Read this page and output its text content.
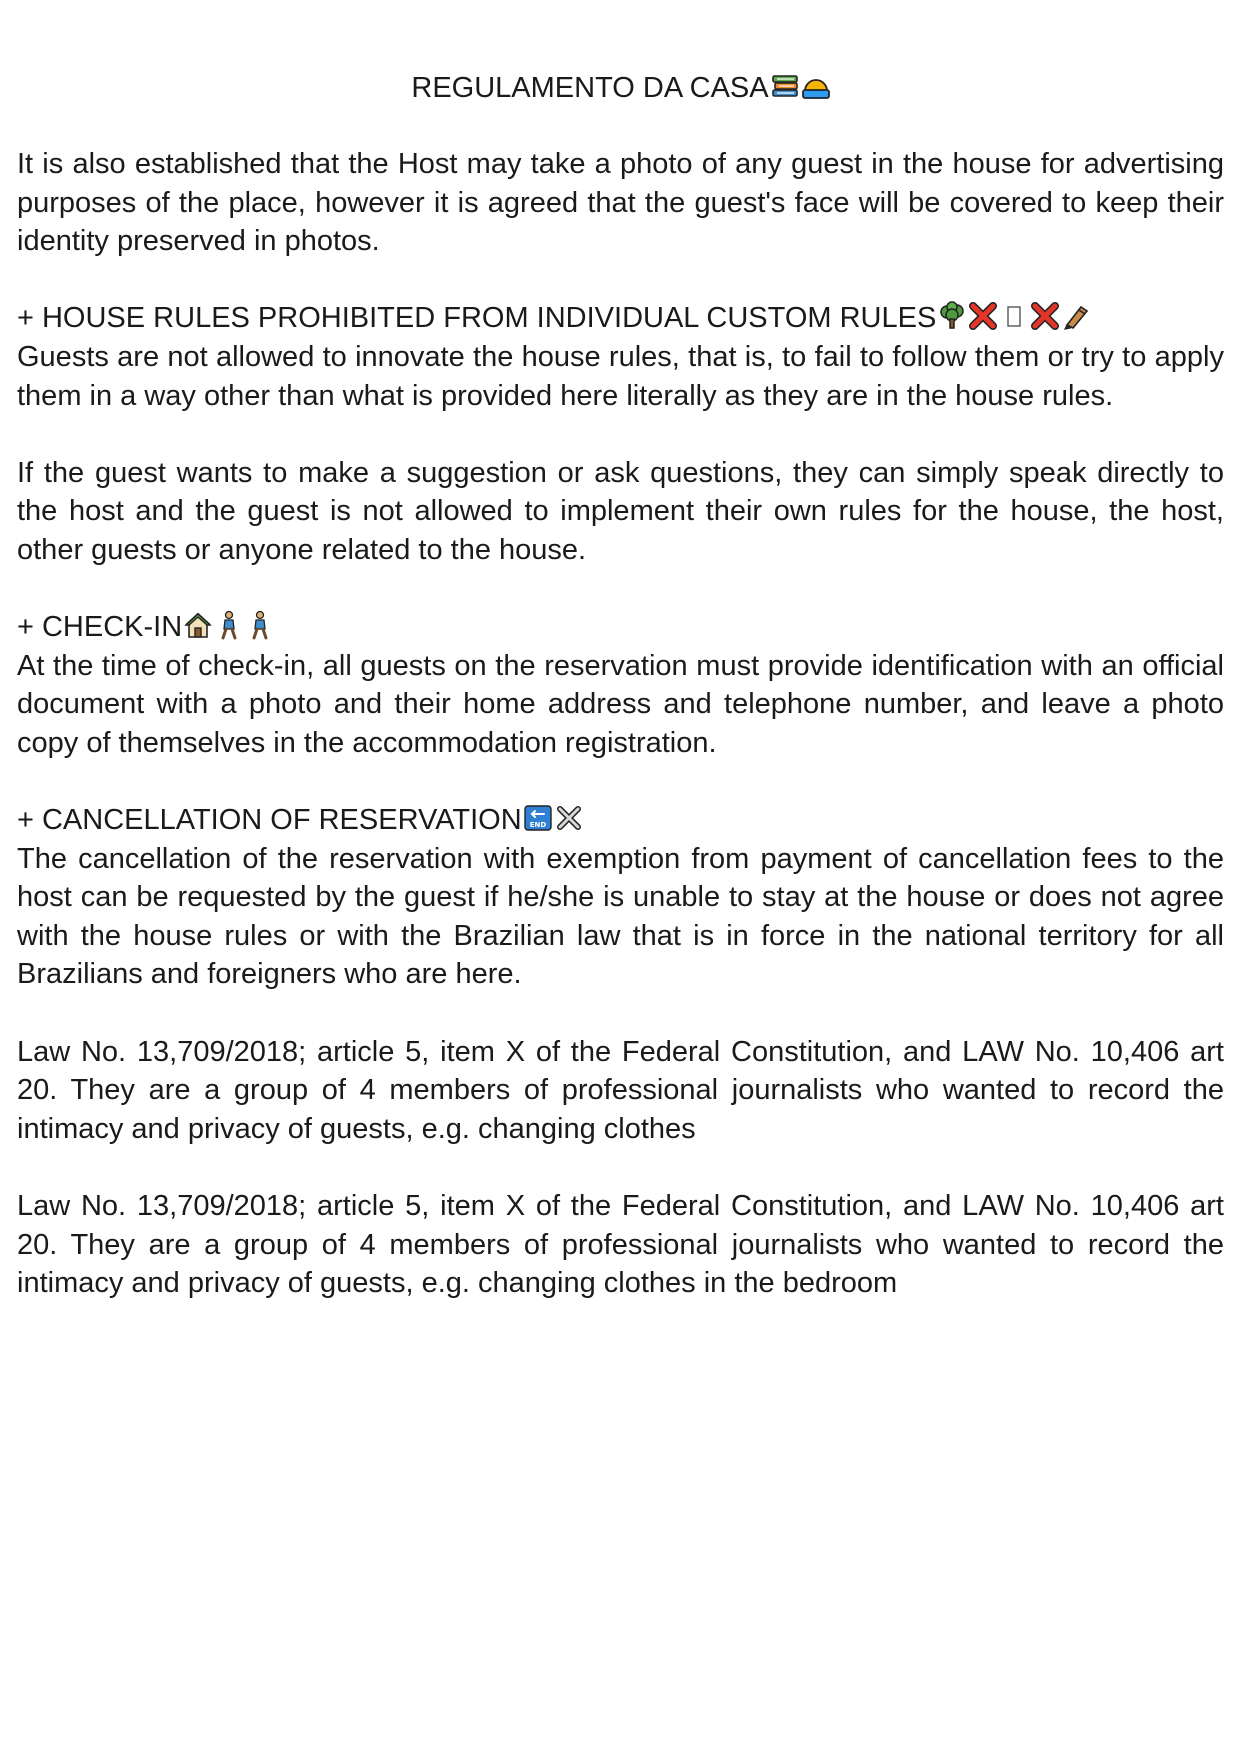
REGULAMENTO DA CASA

It is also established that the Host may take a photo of any guest in the house for advertising purposes of the place, however it is agreed that the guest's face will be covered to keep their identity preserved in photos.

+ HOUSE RULES PROHIBITED FROM INDIVIDUAL CUSTOM RULES
Guests are not allowed to innovate the house rules, that is, to fail to follow them or try to apply them in a way other than what is provided here literally as they are in the house rules.

If the guest wants to make a suggestion or ask questions, they can simply speak directly to the host and the guest is not allowed to implement their own rules for the house, the host, other guests or anyone related to the house.

+ CHECK-IN
At the time of check-in, all guests on the reservation must provide identification with an official document with a photo and their home address and telephone number, and leave a photo copy of themselves in the accommodation registration.

+ CANCELLATION OF RESERVATION END
The cancellation of the reservation with exemption from payment of cancellation fees to the host can be requested by the guest if he/she is unable to stay at the house or does not agree with the house rules or with the Brazilian law that is in force in the national territory for all Brazilians and foreigners who are here.

Law No. 13,709/2018; article 5, item X of the Federal Constitution, and LAW No. 10,406 art 20. They are a group of 4 members of professional journalists who wanted to record the intimacy and privacy of guests, e.g. changing clothes

Law No. 13,709/2018; article 5, item X of the Federal Constitution, and LAW No. 10,406 art 20. They are a group of 4 members of professional journalists who wanted to record the intimacy and privacy of guests, e.g. changing clothes in the bedroom
